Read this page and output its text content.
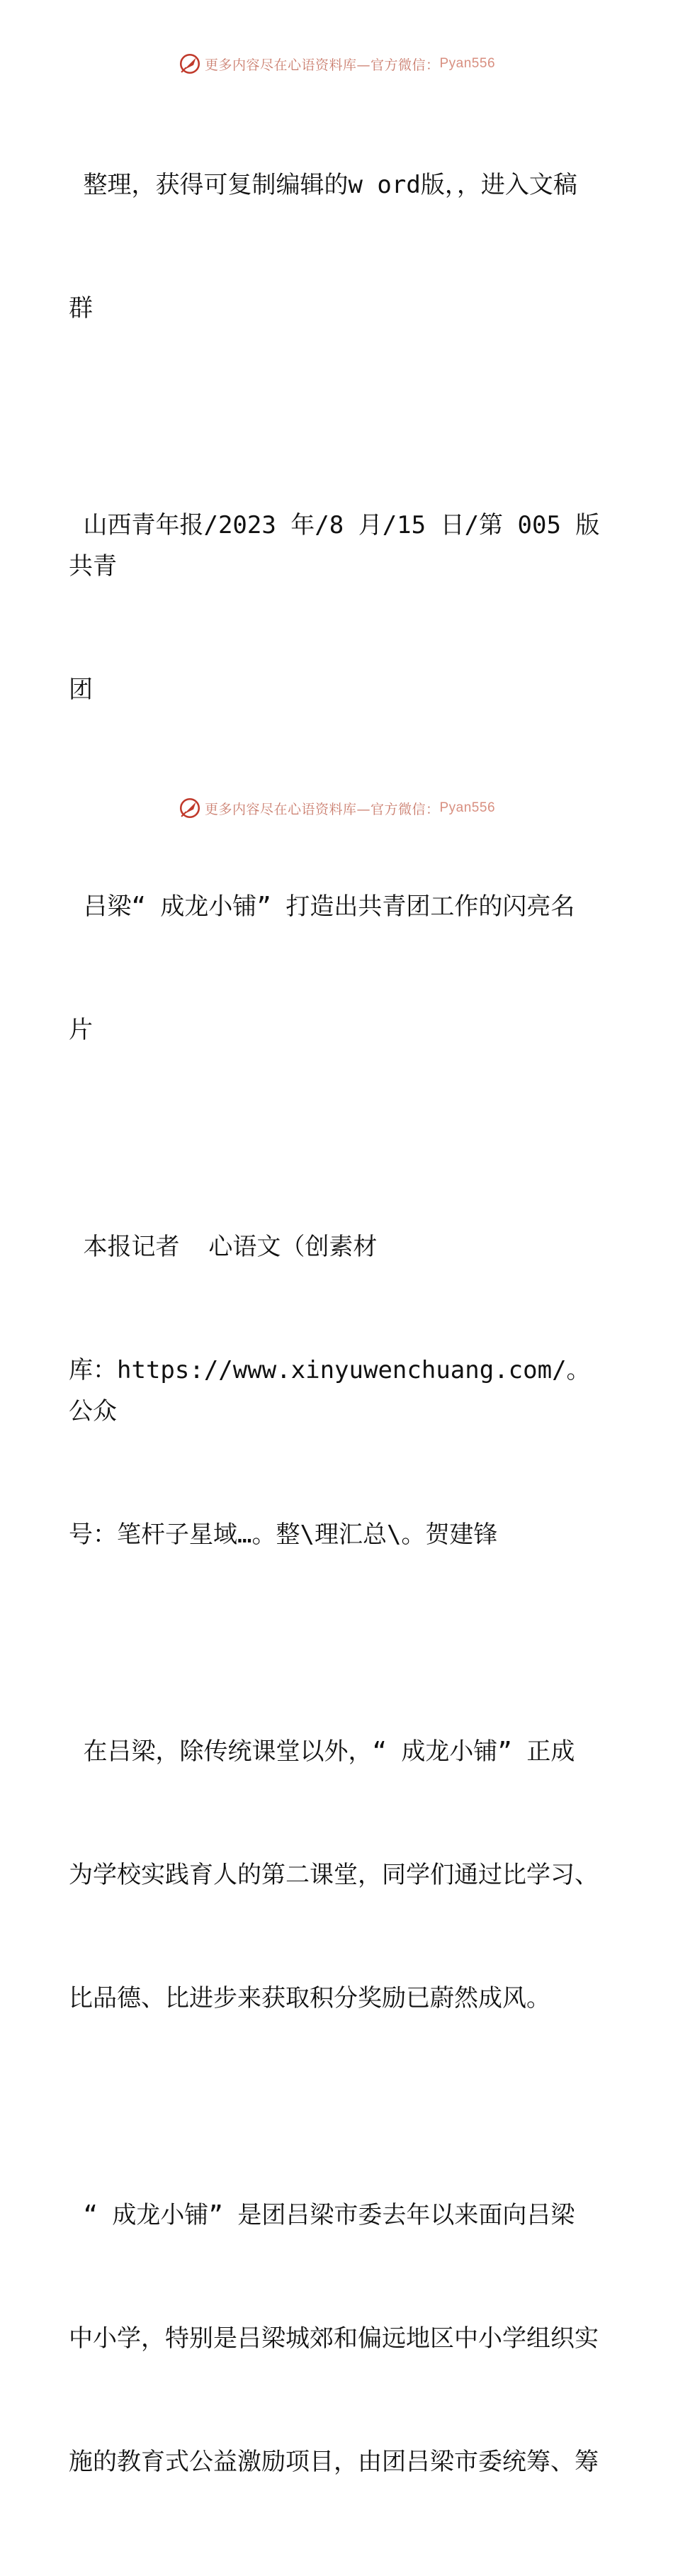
更多内容尽在心语资料库—官方微信： Pyan556

整理，获得可复制编辑的w ord版，，进入文稿

群

山西青年报/2023 年/8 月/15 日/第 005 版共青

团

吕梁“ 成龙小铺” 打造出共青团工作的闪亮名

片

本报记者  心语文（创素材

库：https://www.xinyuwenchuang.com/。公众

号：笔杆子星域…。整\理汇总\。贺建锋

在吕梁，除传统课堂以外，“ 成龙小铺” 正成

为学校实践育人的第二课堂，同学们通过比学习、

比品德、比进步来获取积分奖励已蔚然成风。

“ 成龙小铺” 是团吕梁市委去年以来面向吕梁

中小学，特别是吕梁城郊和偏远地区中小学组织实

施的教育式公益激励项目，由团吕梁市委统筹、筹

更多内容尽在心语资料库—官方微信： Pyan556
